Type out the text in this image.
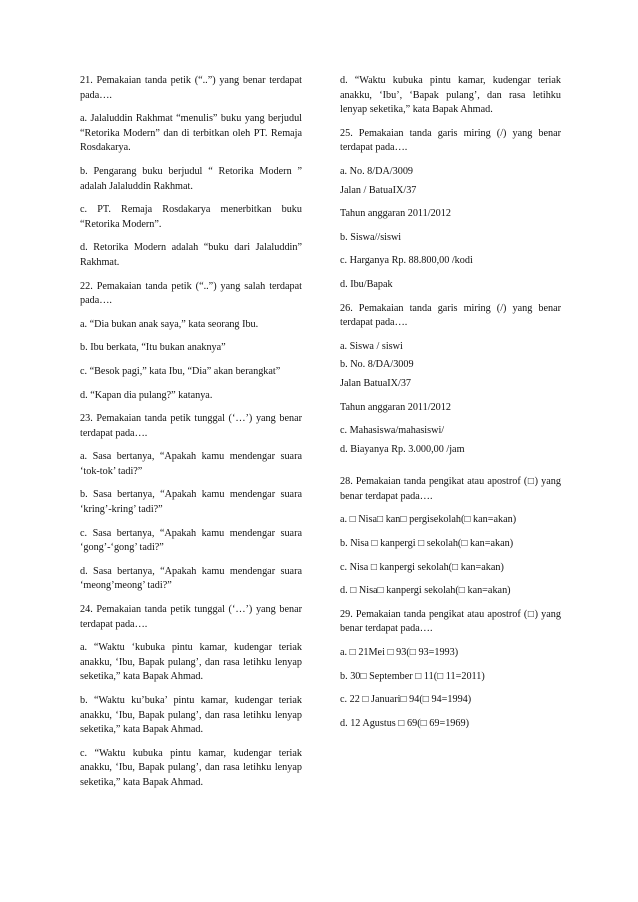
21. Pemakaian tanda petik (“..”) yang benar terdapat pada….

a. Jalaluddin Rakhmat “menulis” buku yang berjudul “Retorika Modern” dan di terbitkan oleh PT. Remaja Rosdakarya.

b. Pengarang buku berjudul “ Retorika Modern ” adalah Jalaluddin Rakhmat.

c. PT. Remaja Rosdakarya menerbitkan buku “Retorika Modern”.

d. Retorika Modern adalah “buku dari Jalaluddin” Rakhmat.

22. Pemakaian tanda petik (“..”) yang salah terdapat pada….

a. “Dia bukan anak saya,” kata seorang Ibu.

b. Ibu berkata, “Itu bukan anaknya”

c. “Besok pagi,” kata Ibu, “Dia” akan berangkat”

d. “Kapan dia pulang?” katanya.

23. Pemakaian tanda petik tunggal (‘…’) yang benar terdapat pada….

a. Sasa bertanya, “Apakah kamu mendengar suara ‘tok-tok’ tadi?”

b. Sasa bertanya, “Apakah kamu mendengar suara ‘kring’-kring’ tadi?”

c. Sasa bertanya, “Apakah kamu mendengar suara ‘gong’-‘gong’ tadi?”

d. Sasa bertanya, “Apakah kamu mendengar suara ‘meong’meong’ tadi?”

24. Pemakaian tanda petik tunggal (‘…’) yang benar terdapat pada….

a. “Waktu ‘kubuka pintu kamar, kudengar teriak anakku, ‘Ibu, Bapak pulang’, dan rasa letihku lenyap seketika,” kata Bapak Ahmad.

b. “Waktu ku’buka’ pintu kamar, kudengar teriak anakku, ‘Ibu, Bapak pulang’, dan rasa letihku lenyap seketika,” kata Bapak Ahmad.

c. “Waktu kubuka pintu kamar, kudengar teriak anakku, ‘Ibu, Bapak pulang’, dan rasa letihku lenyap seketika,” kata Bapak Ahmad.

d. “Waktu kubuka pintu kamar, kudengar teriak anakku, ‘Ibu’, ‘Bapak pulang’, dan rasa letihku lenyap seketika,” kata Bapak Ahmad.

25. Pemakaian tanda garis miring (/) yang benar terdapat pada….

a. No. 8/DA/3009

Jalan / BatuaIX/37

Tahun anggaran 2011/2012

b. Siswa//siswi

c. Harganya Rp. 88.800,00 /kodi

d. Ibu/Bapak

26. Pemakaian tanda garis miring (/) yang benar terdapat pada….

a. Siswa / siswi

b. No. 8/DA/3009

Jalan BatuaIX/37

Tahun anggaran 2011/2012

c. Mahasiswa/mahasiswi/

d. Biayanya Rp. 3.000,00 /jam

28. Pemakaian tanda pengikat atau apostrof (□) yang benar terdapat pada….

a. □ Nisa□ kan□ pergisekolah(□ kan=akan)

b. Nisa □ kanpergi □ sekolah(□ kan=akan)

c. Nisa □ kanpergi sekolah(□ kan=akan)

d. □ Nisa□ kanpergi sekolah(□ kan=akan)

29. Pemakaian tanda pengikat atau apostrof (□) yang benar terdapat pada….

a. □ 21Mei □ 93(□ 93=1993)

b. 30□ September □ 11(□ 11=2011)

c. 22 □ Januari□ 94(□ 94=1994)

d. 12 Agustus □ 69(□ 69=1969)
